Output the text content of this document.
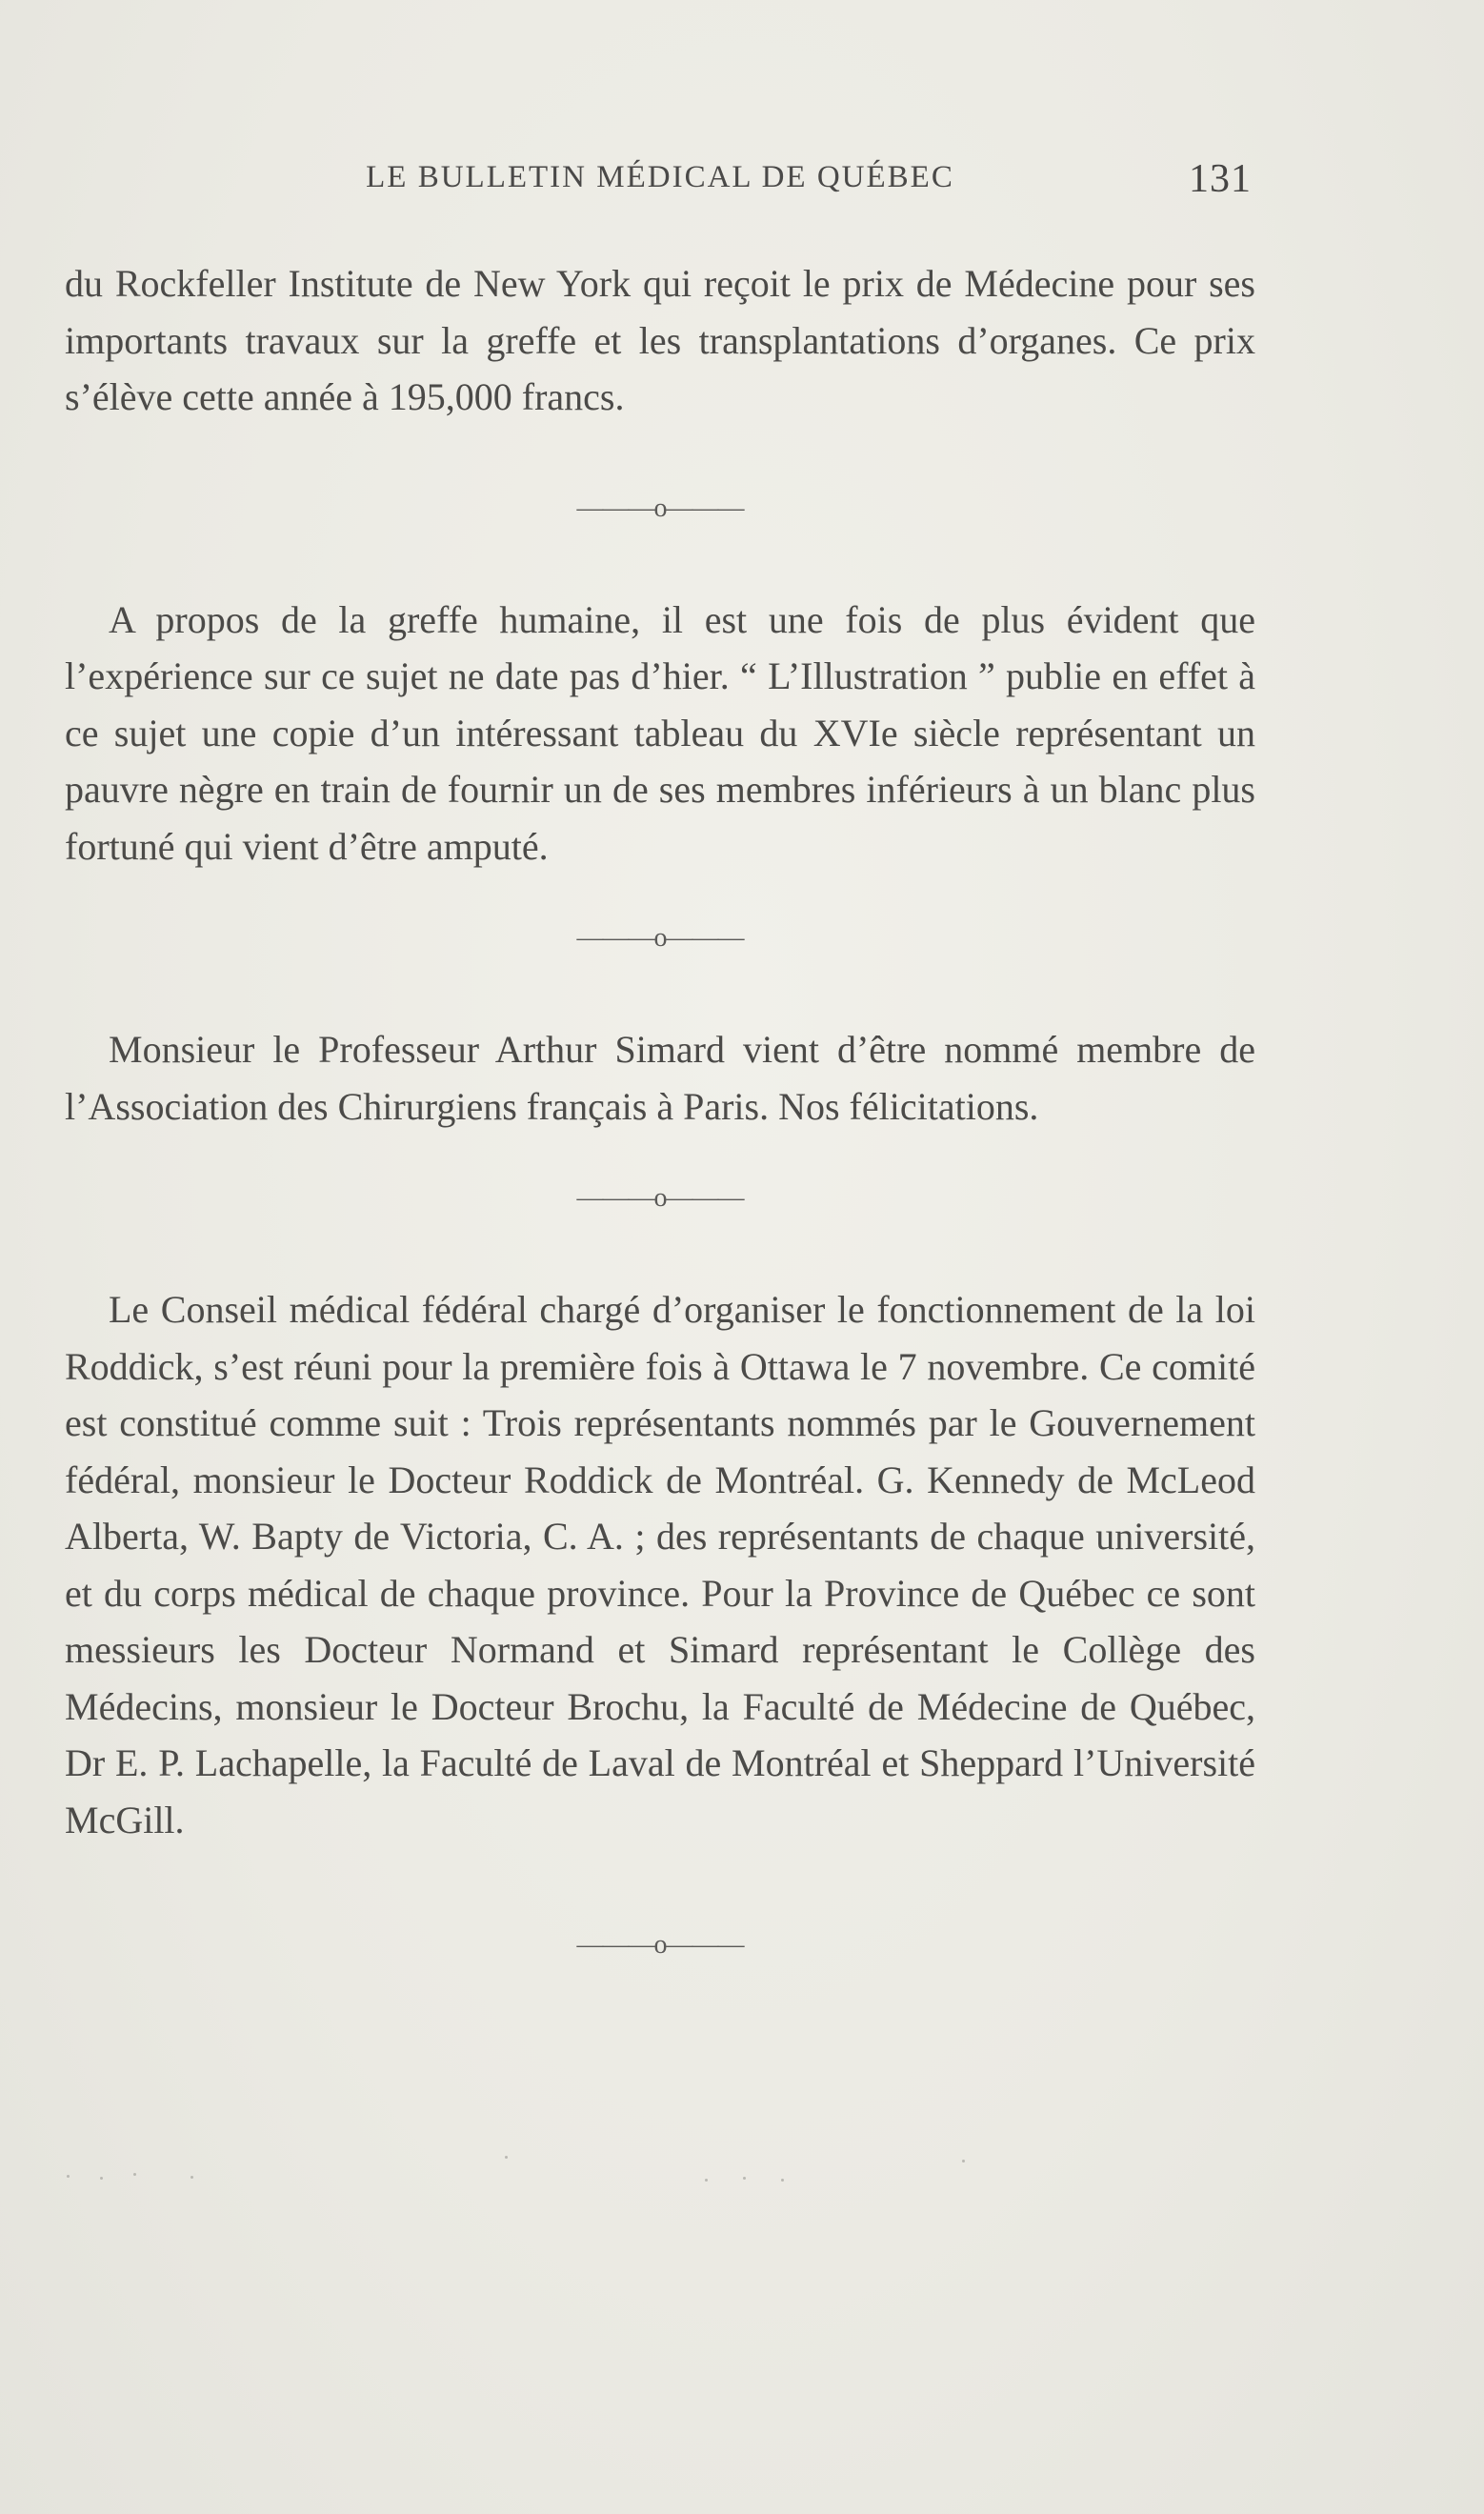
LE BULLETIN MÉDICAL DE QUÉBEC	131

du Rockfeller Institute de New York qui reçoit le prix de Médecine pour ses importants travaux sur la greffe et les transplantations d’organes. Ce prix s’élève cette année à 195,000 francs.

———o———

A propos de la greffe humaine, il est une fois de plus évident que l’expérience sur ce sujet ne date pas d’hier. “ L’Illustration ” publie en effet à ce sujet une copie d’un intéressant tableau du XVIe siècle représentant un pauvre nègre en train de fournir un de ses membres inférieurs à un blanc plus fortuné qui vient d’être amputé.

———o———

Monsieur le Professeur Arthur Simard vient d’être nommé membre de l’Association des Chirurgiens français à Paris. Nos félicitations.

———o———

Le Conseil médical fédéral chargé d’organiser le fonctionnement de la loi Roddick, s’est réuni pour la première fois à Ottawa le 7 novembre. Ce comité est constitué comme suit : Trois représentants nommés par le Gouvernement fédéral, monsieur le Docteur Roddick de Montréal. G. Kennedy de McLeod Alberta, W. Bapty de Victoria, C. A. ; des représentants de chaque université, et du corps médical de chaque province. Pour la Province de Québec ce sont messieurs les Docteur Normand et Simard représentant le Collège des Médecins, monsieur le Docteur Brochu, la Faculté de Médecine de Québec, Dr E. P. Lachapelle, la Faculté de Laval de Montréal et Sheppard l’Université McGill.

———o———
